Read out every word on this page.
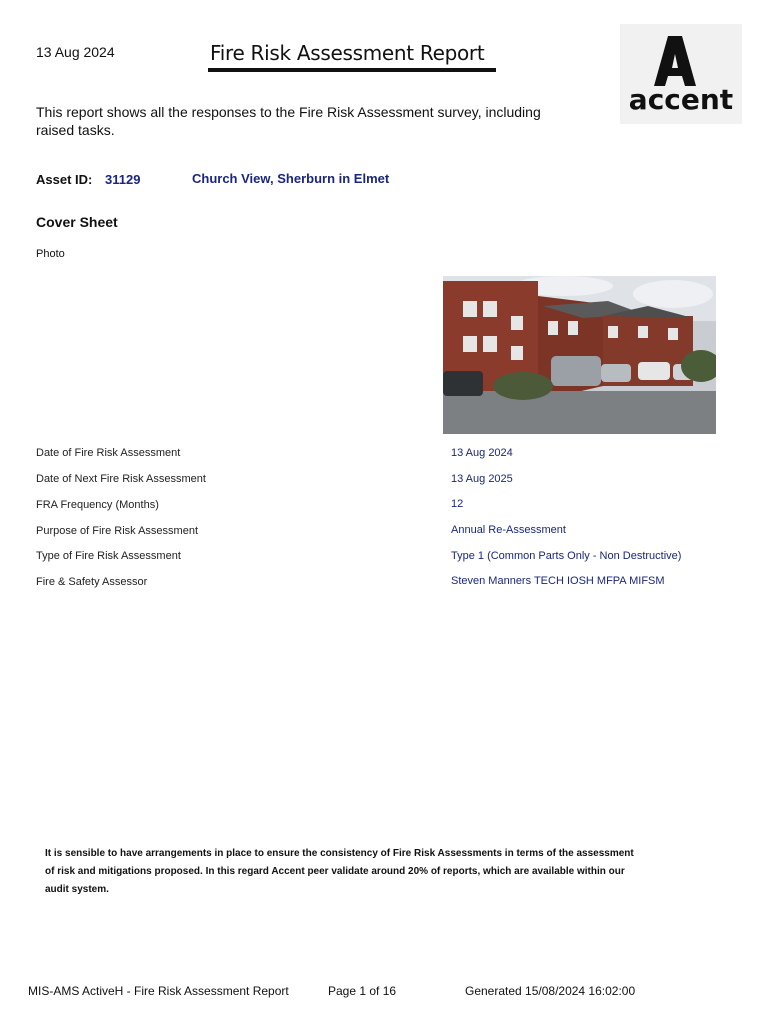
13 Aug 2024	Fire Risk Assessment Report
accent
This report shows all the responses to the Fire Risk Assessment survey, including raised tasks.
Asset ID: 31129	Church View, Sherburn in Elmet
Cover Sheet
Photo
Date of Fire Risk Assessment	13 Aug 2024
Date of Next Fire Risk Assessment	13 Aug 2025
FRA Frequency (Months)	12
Purpose of Fire Risk Assessment	Annual Re-Assessment
Type of Fire Risk Assessment	Type 1 (Common Parts Only - Non Destructive)
Fire & Safety Assessor	Steven Manners TECH IOSH MFPA MIFSM
It is sensible to have arrangements in place to ensure the consistency of Fire Risk Assessments in terms of the assessment of risk and mitigations proposed. In this regard Accent peer validate around 20% of reports, which are available within our audit system.
MIS-AMS ActiveH - Fire Risk Assessment Report	Page 1 of 16	Generated 15/08/2024 16:02:00
